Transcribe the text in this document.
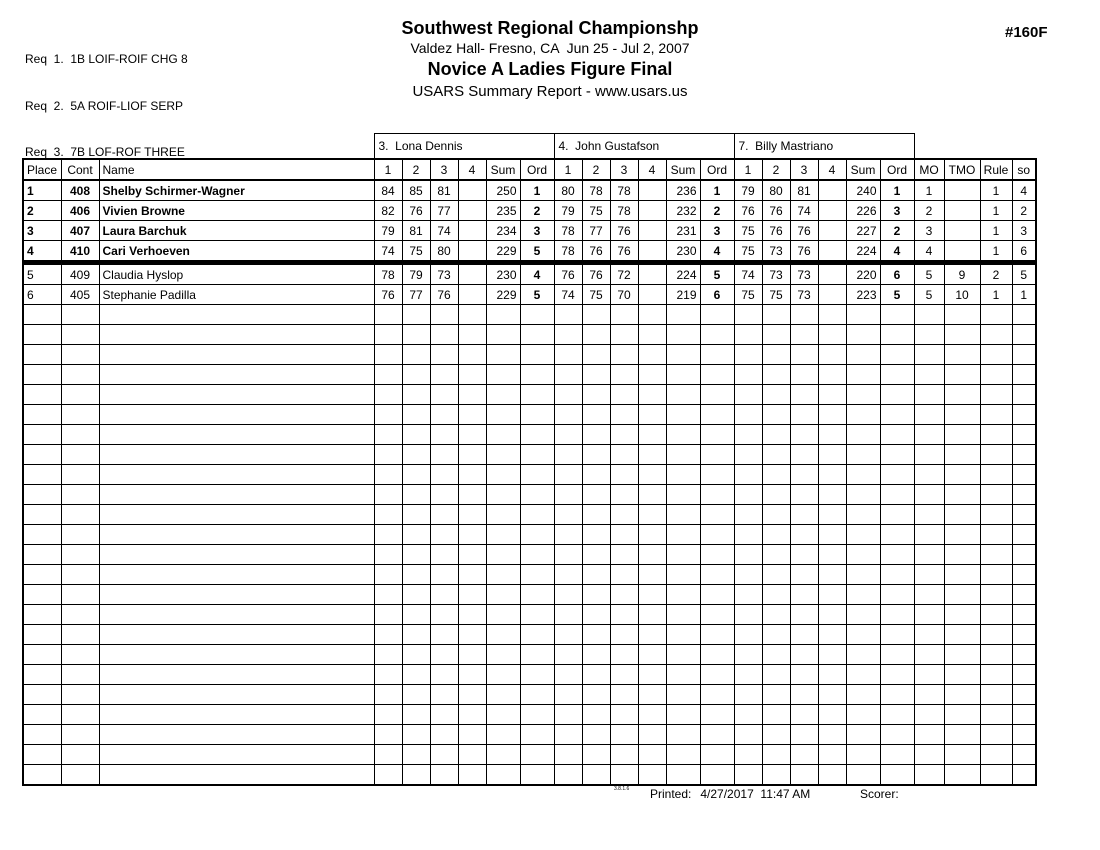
Req  1.  1B LOIF-ROIF CHG 8

Req  2.  5A ROIF-LIOF SERP

Req  3.  7B LOF-ROF THREE

Southwest Regional Championshp
Valdez Hall- Fresno, CA  Jun 25 - Jul 2, 2007
Novice A Ladies Figure Final
USARS Summary Report - www.usars.us
#160F
			3.  Lona Dennis						4.  John Gustafson						7.  Billy Mastriano									
Place	Cont	Name	1	2	3	4	Sum	Ord	1	2	3	4	Sum	Ord	1	2	3	4	Sum	Ord	MO	TMO	Rule	so
1	408	Shelby Schirmer-Wagner	84	85	81		250	1	80	78	78		236	1	79	80	81		240	1	1		1	4
2	406	Vivien Browne	82	76	77		235	2	79	75	78		232	2	76	76	74		226	3	2		1	2
3	407	Laura Barchuk	79	81	74		234	3	78	77	76		231	3	75	76	76		227	2	3		1	3
4	410	Cari Verhoeven	74	75	80		229	5	78	76	76		230	4	75	73	76		224	4	4		1	6
5	409	Claudia Hyslop	78	79	73		230	4	76	76	72		224	5	74	73	73		220	6	5	9	2	5
6	405	Stephanie Padilla	76	77	76		229	5	74	75	70		219	6	75	75	73		223	5	5	10	1	1

3.8.1.6 Printed: 4/27/2017  11:47 AM	Scorer:
